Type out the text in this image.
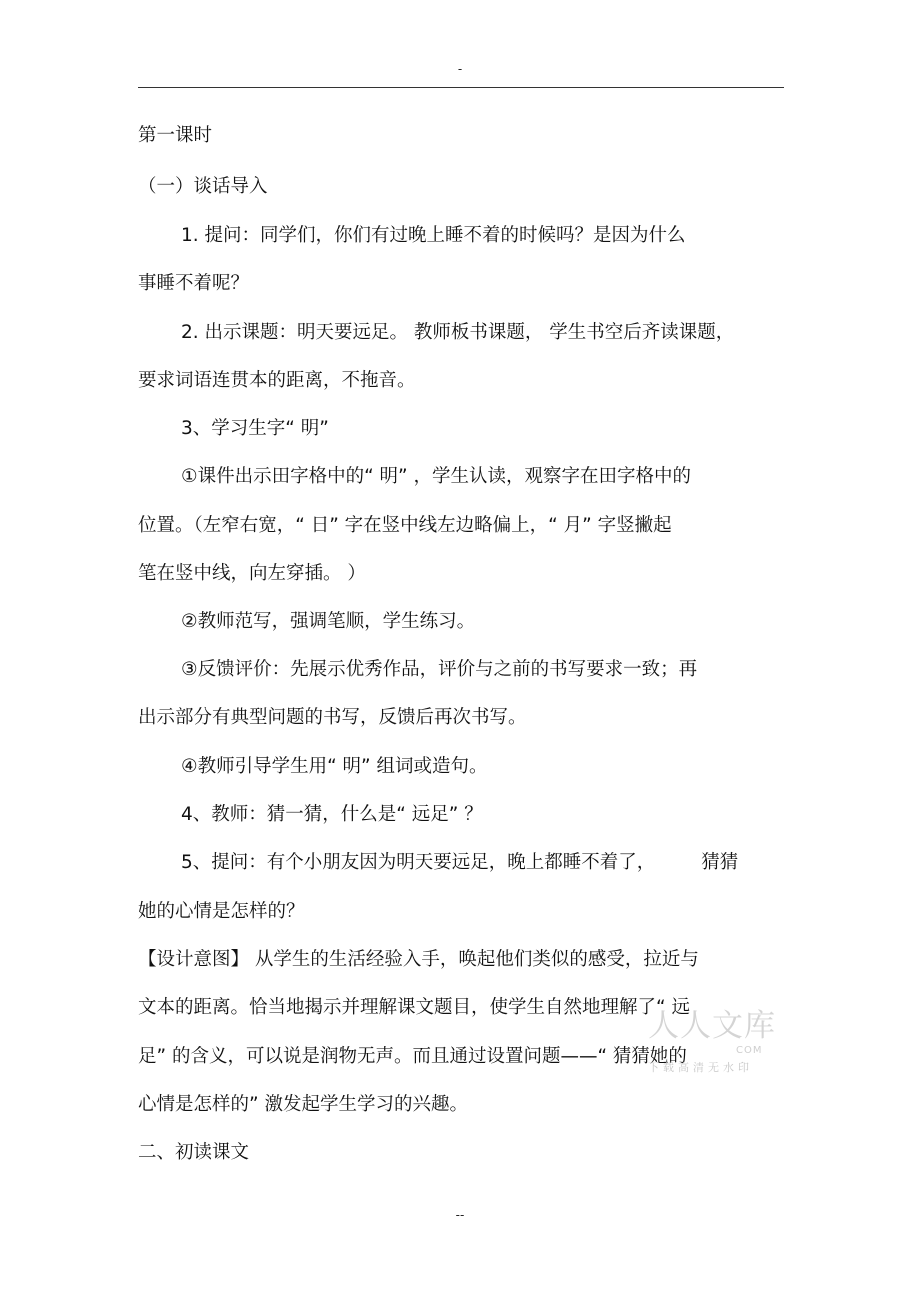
-
第一课时
（一）谈话导入
1. 提问：同学们，你们有过晚上睡不着的时候吗？是因为什么
事睡不着呢？
2. 出示课题：明天要远足。 教师板书课题， 学生书空后齐读课题，
要求词语连贯本的距离，不拖音。
3、学习生字“ 明”
①课件出示田字格中的“ 明” ，学生认读，观察字在田字格中的
位置。（左窄右宽，“ 日” 字在竖中线左边略偏上，“ 月” 字竖撇起
笔在竖中线，向左穿插。 ）
②教师范写，强调笔顺，学生练习。
③反馈评价：先展示优秀作品，评价与之前的书写要求一致；再
出示部分有典型问题的书写，反馈后再次书写。
④教师引导学生用“ 明” 组词或造句。
4、教师：猜一猜，什么是“ 远足” ？
5、提问：有个小朋友因为明天要远足，晚上都睡不着了， 猜猜
她的心情是怎样的？
【设计意图】 从学生的生活经验入手，唤起他们类似的感受，拉近与
文本的距离。恰当地揭示并理解课文题目，使学生自然地理解了“ 远
足” 的含义，可以说是润物无声。而且通过设置问题——“ 猜猜她的
心情是怎样的” 激发起学生学习的兴趣。
二、初读课文
人人文库
COM
下载高清无水印
--
